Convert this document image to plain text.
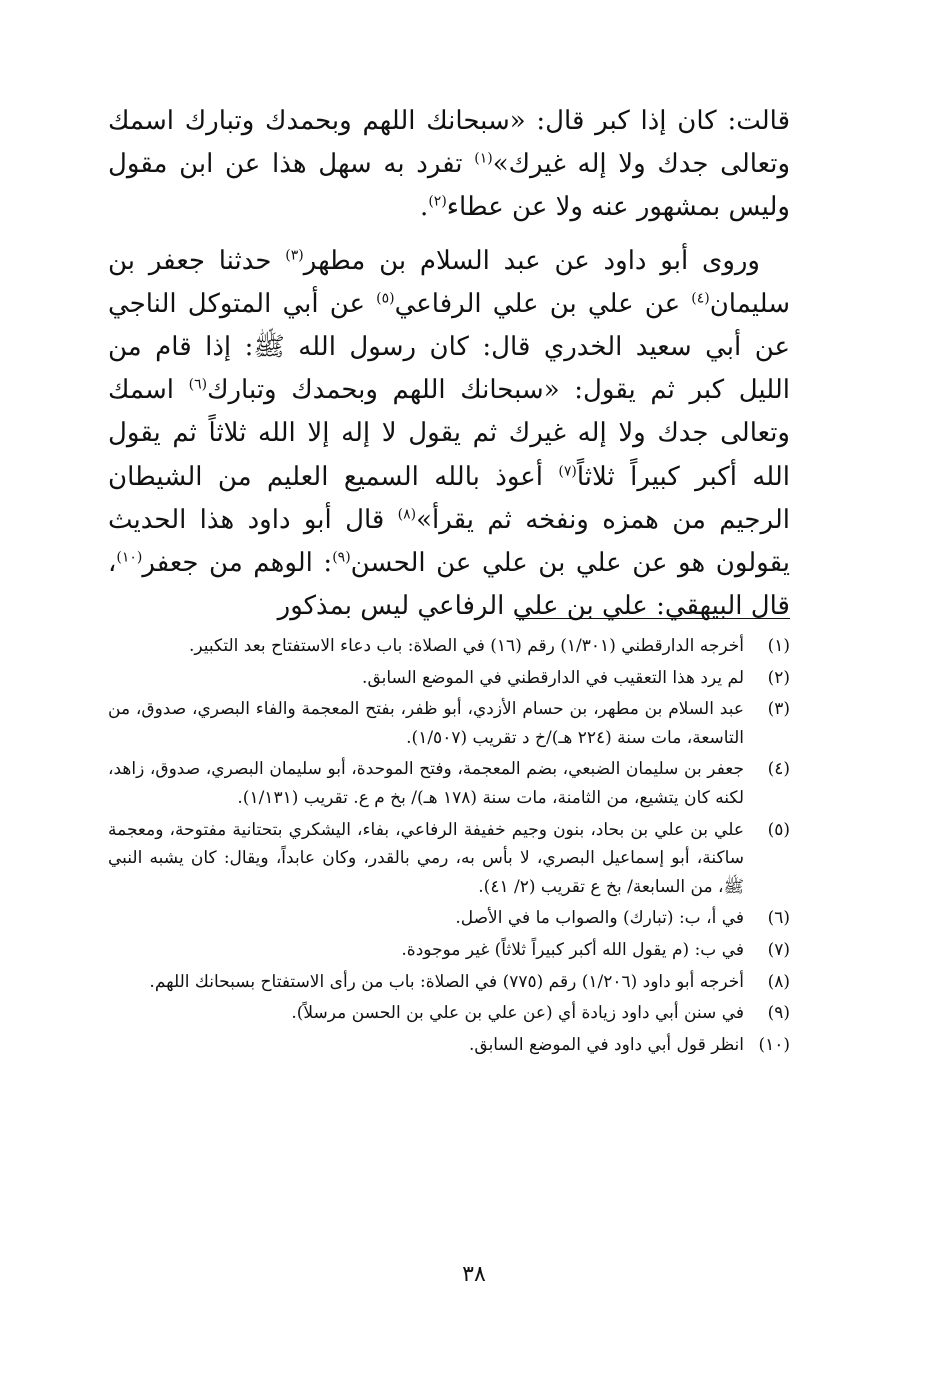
قالت: كان إذا كبر قال: «سبحانك اللهم وبحمدك وتبارك اسمك وتعالى جدك ولا إله غيرك»$^{(١)}$ تفرد به سهل هذا عن ابن مقول وليس بمشهور عنه ولا عن عطاء$^{(٢)}$.

وروى أبو داود عن عبد السلام بن مطهر$^{(٣)}$ حدثنا جعفر بن سليمان$^{(٤)}$ عن علي بن علي الرفاعي$^{(٥)}$ عن أبي المتوكل الناجي عن أبي سعيد الخدري قال: كان رسول الله ﷺ: إذا قام من الليل كبر ثم يقول: «سبحانك اللهم وبحمدك وتبارك$^{(٦)}$ اسمك وتعالى جدك ولا إله غيرك ثم يقول لا إله إلا الله ثلاثاً ثم يقول الله أكبر كبيراً ثلاثاً$^{(٧)}$ أعوذ بالله السميع العليم من الشيطان الرجيم من همزه ونفخه ثم يقرأ»$^{(٨)}$ قال أبو داود هذا الحديث يقولون هو عن علي بن علي عن الحسن$^{(٩)}$: الوهم من جعفر$^{(١٠)}$، قال البيهقي: علي بن علي الرفاعي ليس بمذكور

(١)
أخرجه الدارقطني (١/٣٠١) رقم (١٦) في الصلاة: باب دعاء الاستفتاح بعد التكبير.
(٢)
لم يرد هذا التعقيب في الدارقطني في الموضع السابق.
(٣)
عبد السلام بن مطهر، بن حسام الأزدي، أبو ظفر، بفتح المعجمة والفاء البصري، صدوق، من التاسعة، مات سنة (٢٢٤ هـ)/خ د تقريب (١/٥٠٧).
(٤)
جعفر بن سليمان الضبعي، بضم المعجمة، وفتح الموحدة، أبو سليمان البصري، صدوق، زاهد، لكنه كان يتشيع، من الثامنة، مات سنة (١٧٨ هـ)/ بخ م ع. تقريب (١/١٣١).
(٥)
علي بن علي بن بحاد، بنون وجيم خفيفة الرفاعي، بفاء، اليشكري بتحتانية مفتوحة، ومعجمة ساكنة، أبو إسماعيل البصري، لا بأس به، رمي بالقدر، وكان عابداً، ويقال: كان يشبه النبي ﷺ، من السابعة/ بخ ع تقريب (٢/ ٤١).
(٦)
في أ، ب: (تبارك) والصواب ما في الأصل.
(٧)
في ب: (م يقول الله أكبر كبيراً ثلاثاً) غير موجودة.
(٨)
أخرجه أبو داود (١/٢٠٦) رقم (٧٧٥) في الصلاة: باب من رأى الاستفتاح بسبحانك اللهم.
(٩)
في سنن أبي داود زيادة أي (عن علي بن علي بن الحسن مرسلاً).
(١٠)
انظر قول أبي داود في الموضع السابق.
٣٨
